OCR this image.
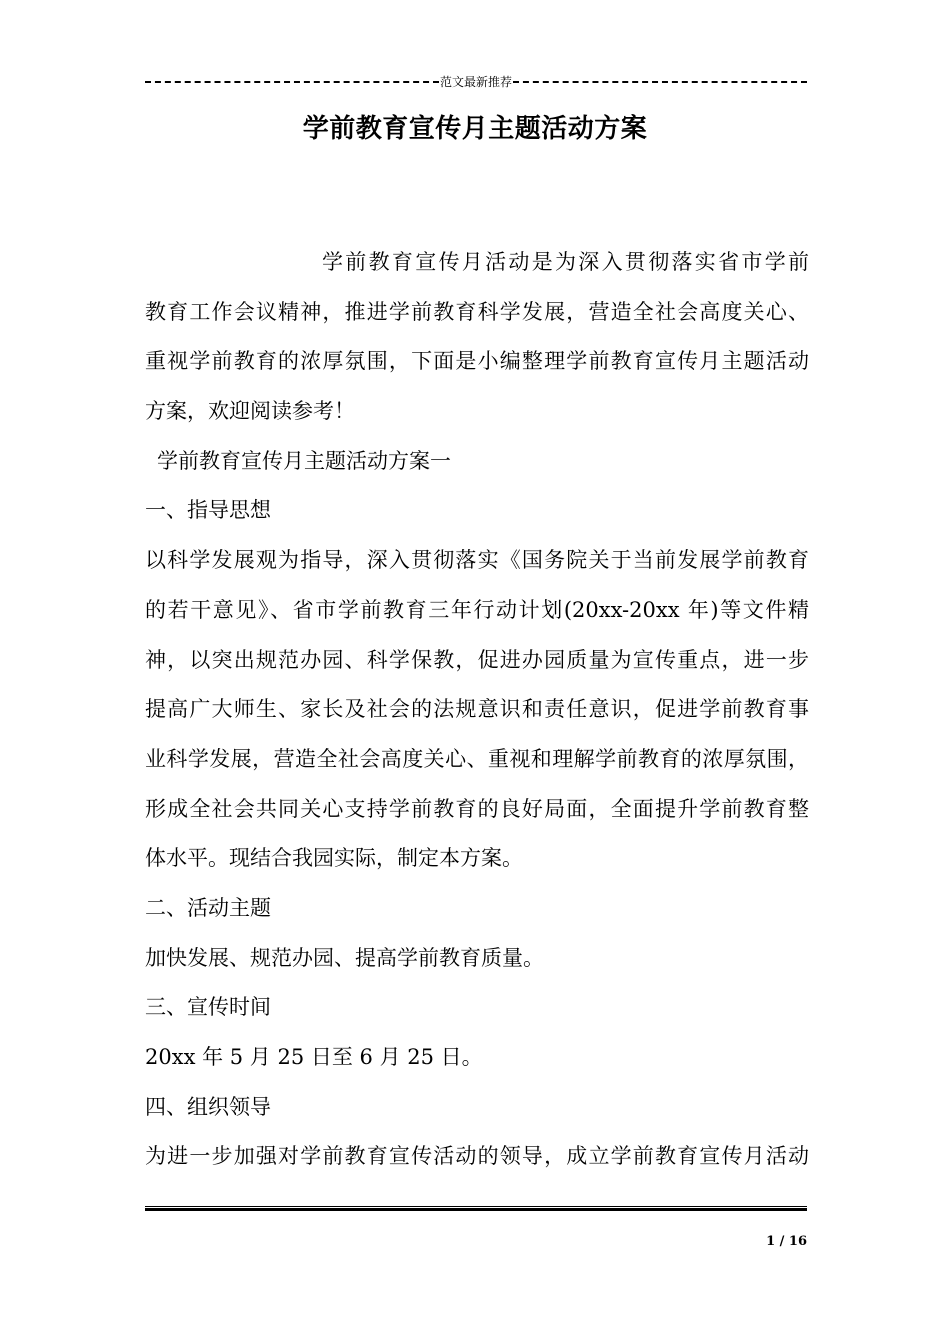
范文最新推荐
学前教育宣传月主题活动方案
学前教育宣传月活动是为深入贯彻落实省市学前
教育工作会议精神，推进学前教育科学发展，营造全社会高度关心、
重视学前教育的浓厚氛围，下面是小编整理学前教育宣传月主题活动
方案，欢迎阅读参考！
学前教育宣传月主题活动方案一
一、指导思想
以科学发展观为指导，深入贯彻落实《国务院关于当前发展学前教育
的若干意见》、省市学前教育三年行动计划(20xx-20xx 年)等文件精
神，以突出规范办园、科学保教，促进办园质量为宣传重点，进一步
提高广大师生、家长及社会的法规意识和责任意识，促进学前教育事
业科学发展，营造全社会高度关心、重视和理解学前教育的浓厚氛围，
形成全社会共同关心支持学前教育的良好局面，全面提升学前教育整
体水平。现结合我园实际，制定本方案。
二、活动主题
加快发展、规范办园、提高学前教育质量。
三、宣传时间
20xx 年 5 月 25 日至 6 月 25 日。
四、组织领导
为进一步加强对学前教育宣传活动的领导，成立学前教育宣传月活动
1 / 16
